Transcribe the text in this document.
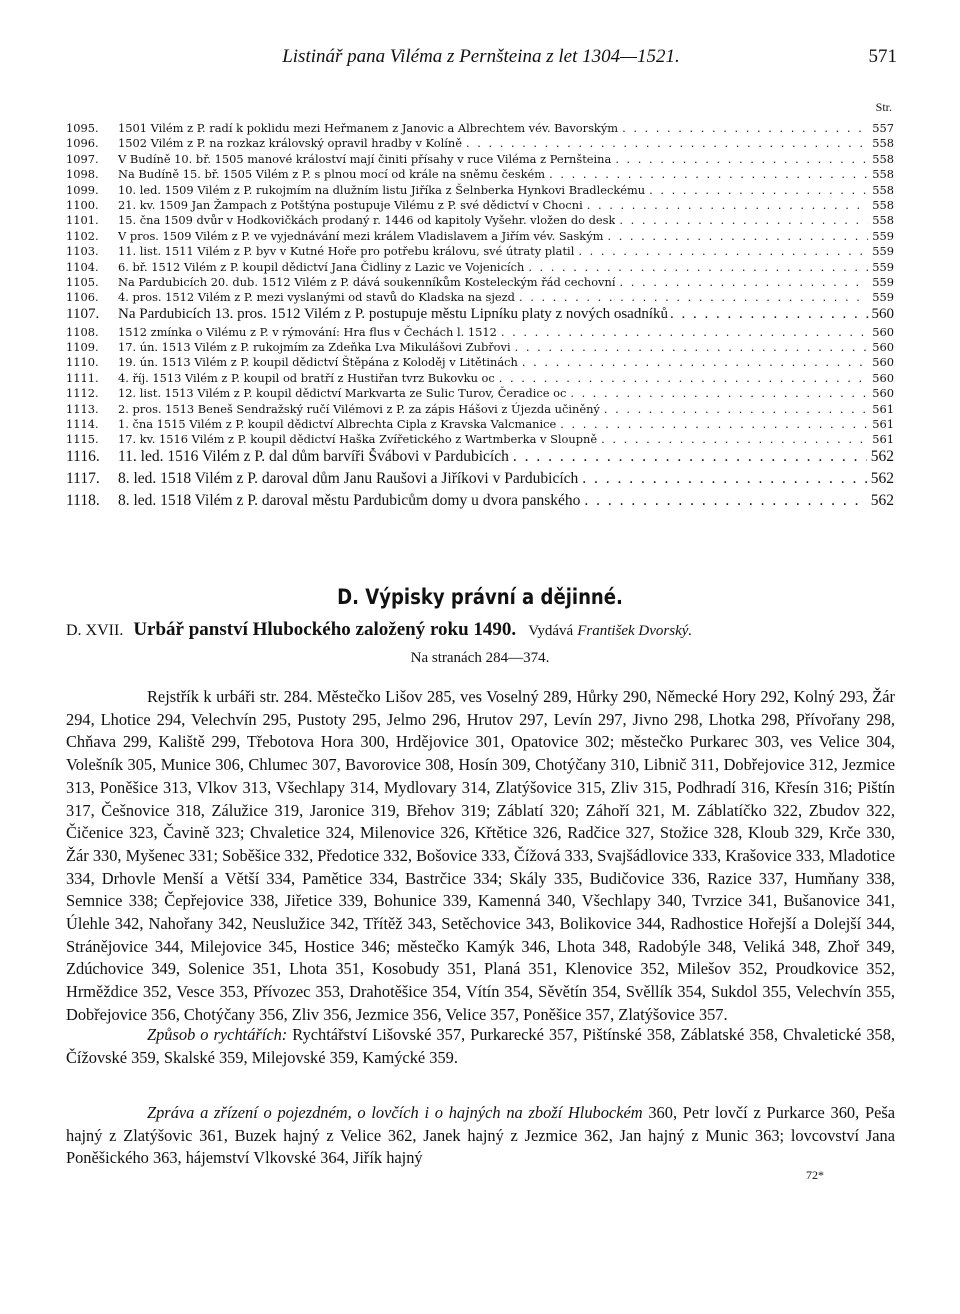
Listinář pana Viléma z Pernšteina z let 1304—1521.	571
Str.
1095.	1501 Vilém z P. radí k poklidu mezi Heřmanem z Janovic a Albrechtem vév. Bavorským . . .	557
1096.	1502 Vilém z P. na rozkaz královský opravil hradby v Kolíně . . .	558
1097.	V Budíně 10. bř. 1505 manové králoství mají činiti přísahy v ruce Viléma z Pernšteina . . .	558
1098.	Na Budíně 15. bř. 1505 Vilém z P. s plnou mocí od krále na sněmu českém . . .	558
1099.	10. led. 1509 Vilém z P. rukojmím na dlužním listu Jiříka z Šelnberka Hynkovi Bradleckému . . .	558
1100.	21. kv. 1509 Jan Žampach z Potštýna postupuje Vilému z P. své dědictví v Chocni . . .	558
1101.	15. čna 1509 dvůr v Hodkovičkách prodaný r. 1446 od kapitoly Vyšehr. vložen do desk . . .	558
1102.	V pros. 1509 Vilém z P. ve vyjednávání mezi králem Vladislavem a Jiřím vév. Saským . . .	559
1103.	11. list. 1511 Vilém z P. byv v Kutné Hoře pro potřebu královu, své útraty platil . . .	559
1104.	6. bř. 1512 Vilém z P. koupil dědictví Jana Čidliny z Lazic ve Vojenicích . . .	559
1105.	Na Pardubicích 20. dub. 1512 Vilém z P. dává soukenníkům Kosteleckým řád cechovní . . .	559
1106.	4. pros. 1512 Vilém z P. mezi vyslanými od stavů do Kladska na sjezd . . .	559
1107.	Na Pardubicích 13. pros. 1512 Vilém z P. postupuje městu Lipníku platy z nových osadníků . . .	560
1108.	1512 zmínka o Vilému z P. v rýmování: Hra flus v Čechách l. 1512 . . .	560
1109.	17. ún. 1513 Vilém z P. rukojmím za Zdeňka Lva Mikulášovi Zubřovi . . .	560
1110.	19. ún. 1513 Vilém z P. koupil dědictví Štěpána z Koloděj v Litětinách . . .	560
1111.	4. říj. 1513 Vilém z P. koupil od bratří z Hustiřan tvrz Bukovku oc . . .	560
1112.	12. list. 1513 Vilém z P. koupil dědictví Markvarta ze Sulic Turov, Čeradice oc . . .	560
1113.	2. pros. 1513 Beneš Sendražský ručí Vilémovi z P. za zápis Hášovi z Újezda učiněný . . .	561
1114.	1. čna 1515 Vilém z P. koupil dědictví Albrechta Cipla z Kravska Valcmanice . . .	561
1115.	17. kv. 1516 Vilém z P. koupil dědictví Haška Zvířetického z Wartmberka v Sloupně . . .	561
1116.	11. led. 1516 Vilém z P. dal dům barvíři Švábovi v Pardubicích . . .	562
1117.	8. led. 1518 Vilém z P. daroval dům Janu Raušovi a Jiříkovi v Pardubicích . . .	562
1118.	8. led. 1518 Vilém z P. daroval městu Pardubicům domy u dvora panského . . .	562
D. Výpisky právní a dějinné.
D. XVII. Urbář panství Hlubockého založený roku 1490. Vydává František Dvorský.
Na stranách 284—374.

Rejstřík k urbáři str. 284. Městečko Lišov 285, ves Voselný 289, Hůrky 290, Německé Hory 292, Kolný 293, Žár 294, Lhotice 294, Velechvín 295, Pustoty 295, Jelmo 296, Hrutov 297, Levín 297, Jivno 298, Lhotka 298, Přívořany 298, Chňava 299, Kaliště 299, Třebotova Hora 300, Hrdějovice 301, Opatovice 302; městečko Purkarec 303, ves Velice 304, Volešník 305, Munice 306, Chlumec 307, Bavorovice 308, Hosín 309, Chotýčany 310, Libnič 311, Dobřejovice 312, Jezmice 313, Poněšice 313, Vlkov 313, Všechlapy 314, Mydlovary 314, Zlatýšovice 315, Zliv 315, Podhradí 316, Křesín 316; Pištín 317, Češnovice 318, Zálužice 319, Jaronice 319, Břehov 319; Záblatí 320; Záhoří 321, M. Záblatíčko 322, Zbudov 322, Čičenice 323, Čavině 323; Chvaletice 324, Milenovice 326, Křtětice 326, Radčice 327, Stožice 328, Kloub 329, Krče 330, Žár 330, Myšenec 331; Soběšice 332, Předotice 332, Bošovice 333, Čížová 333, Svajšádlovice 333, Krašovice 333, Mladotice 334, Drhovle Menší a Větší 334, Pamětice 334, Bastrčice 334; Skály 335, Budičovice 336, Razice 337, Humňany 338, Semnice 338; Čepřejovice 338, Jiřetice 339, Bohunice 339, Kamenná 340, Všechlapy 340, Tvrzice 341, Bušanovice 341, Úlehle 342, Nahořany 342, Neuslužice 342, Třítěž 343, Setěchovice 343, Bolikovice 344, Radhostice Hořejší a Dolejší 344, Stránějovice 344, Milejovice 345, Hostice 346; městečko Kamýk 346, Lhota 348, Radobýle 348, Veliká 348, Zhoř 349, Zdúchovice 349, Solenice 351, Lhota 351, Kosobudy 351, Planá 351, Klenovice 352, Milešov 352, Proudkovice 352, Hrměždice 352, Vesce 353, Přívozec 353, Drahotěšice 354, Vítín 354, Sěvětín 354, Svěllík 354, Sukdol 355, Velechvín 355, Dobřejovice 356, Chotýčany 356, Zliv 356, Jezmice 356, Velice 357, Poněšice 357, Zlatýšovice 357.

Způsob o rychtářích: Rychtářství Lišovské 357, Purkarecké 357, Pištínské 358, Záblatské 358, Chvaletické 358, Čížovské 359, Skalské 359, Milejovské 359, Kamýcké 359.

Zpráva a zřízení o pojezdném, o lovčích i o hajných na zboží Hlubockém 360, Petr lovčí z Purkarce 360, Peša hajný z Zlatýšovic 361, Buzek hajný z Velice 362, Janek hajný z Jezmice 362, Jan hajný z Munic 363; lovcovství Jana Poněšického 363, hájemství Vlkovské 364, Jiřík hajný

72*
